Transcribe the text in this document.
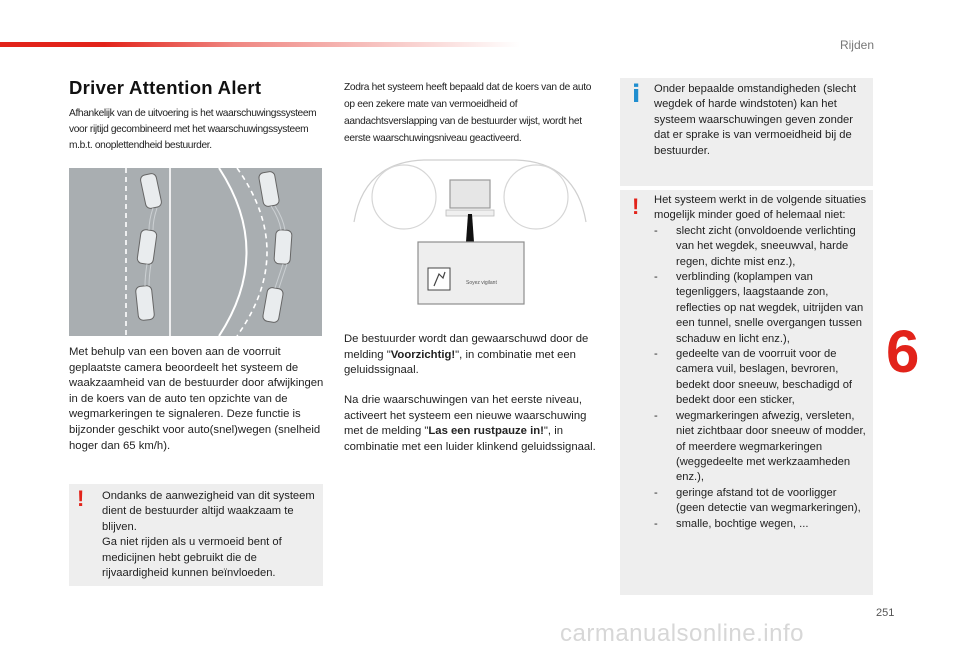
Rijden
6
251
carmanualsonline.info
Driver Attention Alert
Afhankelijk van de uitvoering is het waarschuwingssysteem voor rijtijd gecombineerd met het waarschuwingssysteem m.b.t. onoplettendheid bestuurder.
Met behulp van een boven aan de voorruit geplaatste camera beoordeelt het systeem de waakzaamheid van de bestuurder door afwijkingen in de koers van de auto ten opzichte van de wegmarkeringen te signaleren. Deze functie is bijzonder geschikt voor auto(snel)wegen (snelheid hoger dan 65 km/h).
! Ondanks de aanwezigheid van dit systeem dient de bestuurder altijd waakzaam te blijven.
Ga niet rijden als u vermoeid bent of medicijnen hebt gebruikt die de rijvaardigheid kunnen beïnvloeden.
Zodra het systeem heeft bepaald dat de koers van de auto op een zekere mate van vermoeidheid of aandachtsverslapping van de bestuurder wijst, wordt het eerste waarschuwingsniveau geactiveerd.
Soyez vigilant
De bestuurder wordt dan gewaarschuwd door de melding "Voorzichtig!", in combinatie met een geluidssignaal.
Na drie waarschuwingen van het eerste niveau, activeert het systeem een nieuwe waarschuwing met de melding "Las een rustpauze in!", in combinatie met een luider klinkend geluidssignaal.
i Onder bepaalde omstandigheden (slecht wegdek of harde windstoten) kan het systeem waarschuwingen geven zonder dat er sprake is van vermoeidheid bij de bestuurder.
! Het systeem werkt in de volgende situaties mogelijk minder goed of helemaal niet:
- slecht zicht (onvoldoende verlichting van het wegdek, sneeuwval, harde regen, dichte mist enz.),
- verblinding (koplampen van tegenliggers, laagstaande zon, reflecties op nat wegdek, uitrijden van een tunnel, snelle overgangen tussen schaduw en licht enz.),
- gedeelte van de voorruit voor de camera vuil, beslagen, bevroren, bedekt door sneeuw, beschadigd of bedekt door een sticker,
- wegmarkeringen afwezig, versleten, niet zichtbaar door sneeuw of modder, of meerdere wegmarkeringen (weggedeelte met werkzaamheden enz.),
- geringe afstand tot de voorligger (geen detectie van wegmarkeringen),
- smalle, bochtige wegen, ...
